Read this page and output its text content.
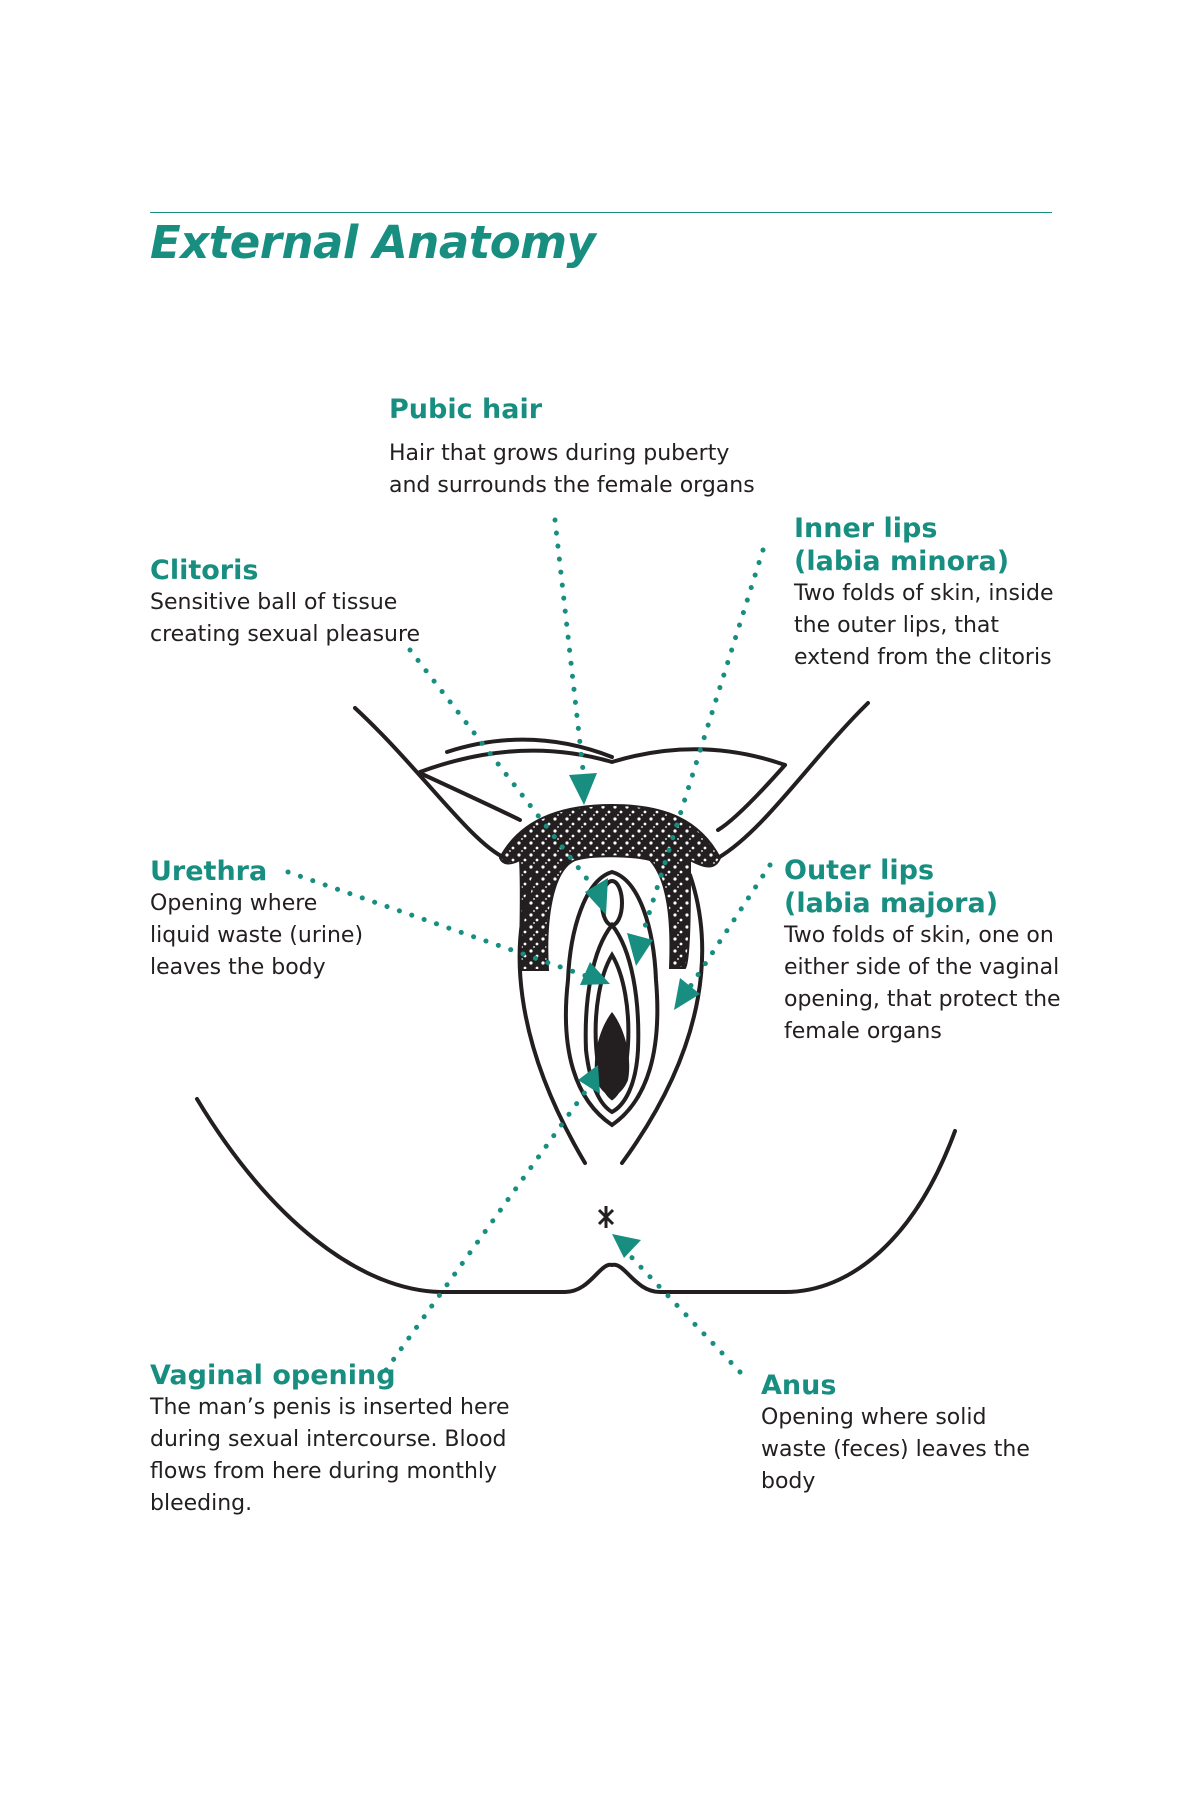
External Anatomy
Pubic hair

Hair that grows during puberty

and surrounds the female organs

Clitoris

Sensitive ball of tissue

creating sexual pleasure

Inner lips
(labia minora)

Two folds of skin, inside

the outer lips, that

extend from the clitoris

Urethra

Opening where

liquid waste (urine)

leaves the body

Outer lips
(labia majora)

Two folds of skin, one on

either side of the vaginal

opening, that protect the

female organs

Vaginal opening

The man’s penis is inserted here

during sexual intercourse. Blood

flows from here during monthly

bleeding.

Anus

Opening where solid

waste (feces) leaves the

body
